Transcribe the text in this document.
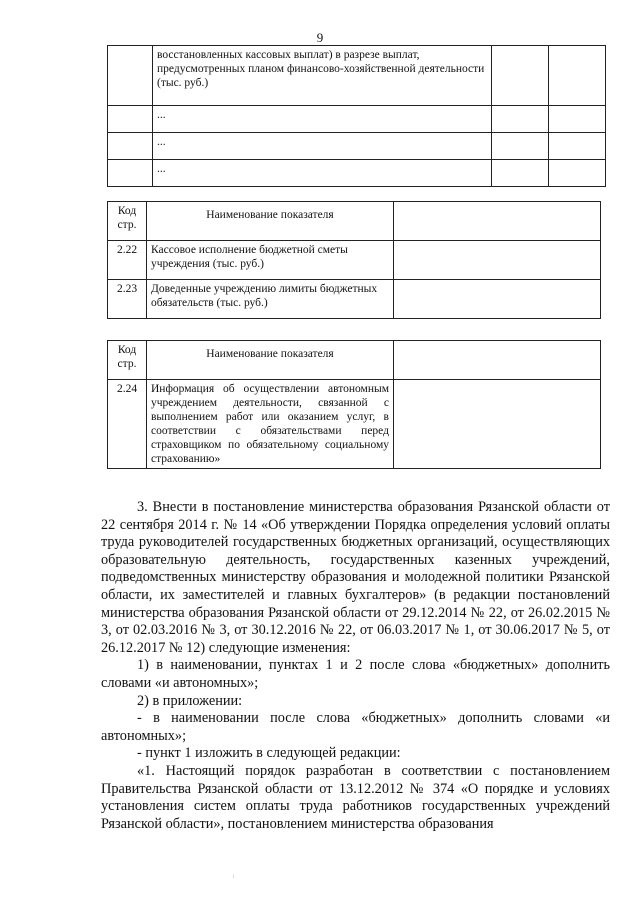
9
	восстановленных кассовых выплат) в разрезе выплат, предусмотренных планом финансово-хозяйственной деятельности (тыс. руб.)		
	...		
	...		
	...		
Код стр.	Наименование показателя	
2.22	Кассовое исполнение бюджетной сметы учреждения (тыс. руб.)	
2.23	Доведенные учреждению лимиты бюджетных обязательств (тыс. руб.)	
Код стр.	Наименование показателя	
2.24	Информация об осуществлении автономным учреждением деятельности, связанной с выполнением работ или оказанием услуг, в соответствии с обязательствами перед страховщиком по обязательному социальному страхованию»	

3. Внести в постановление министерства образования Рязанской области от 22 сентября 2014 г. № 14 «Об утверждении Порядка определения условий оплаты труда руководителей государственных бюджетных организаций, осуществляющих образовательную деятельность, государственных казенных учреждений, подведомственных министерству образования и молодежной политики Рязанской области, их заместителей и главных бухгалтеров» (в редакции постановлений министерства образования Рязанской области от 29.12.2014 № 22, от 26.02.2015 № 3, от 02.03.2016 № 3, от 30.12.2016 № 22, от 06.03.2017 № 1, от 30.06.2017 № 5, от 26.12.2017 № 12) следующие изменения:

1) в наименовании, пунктах 1 и 2 после слова «бюджетных» дополнить словами «и автономных»;

2) в приложении:

- в наименовании после слова «бюджетных» дополнить словами «и автономных»;

- пункт 1 изложить в следующей редакции:

«1. Настоящий порядок разработан в соответствии с постановлением Правительства Рязанской области от 13.12.2012 № 374 «О порядке и условиях установления систем оплаты труда работников государственных учреждений Рязанской области», постановлением министерства образования

ᵢ
